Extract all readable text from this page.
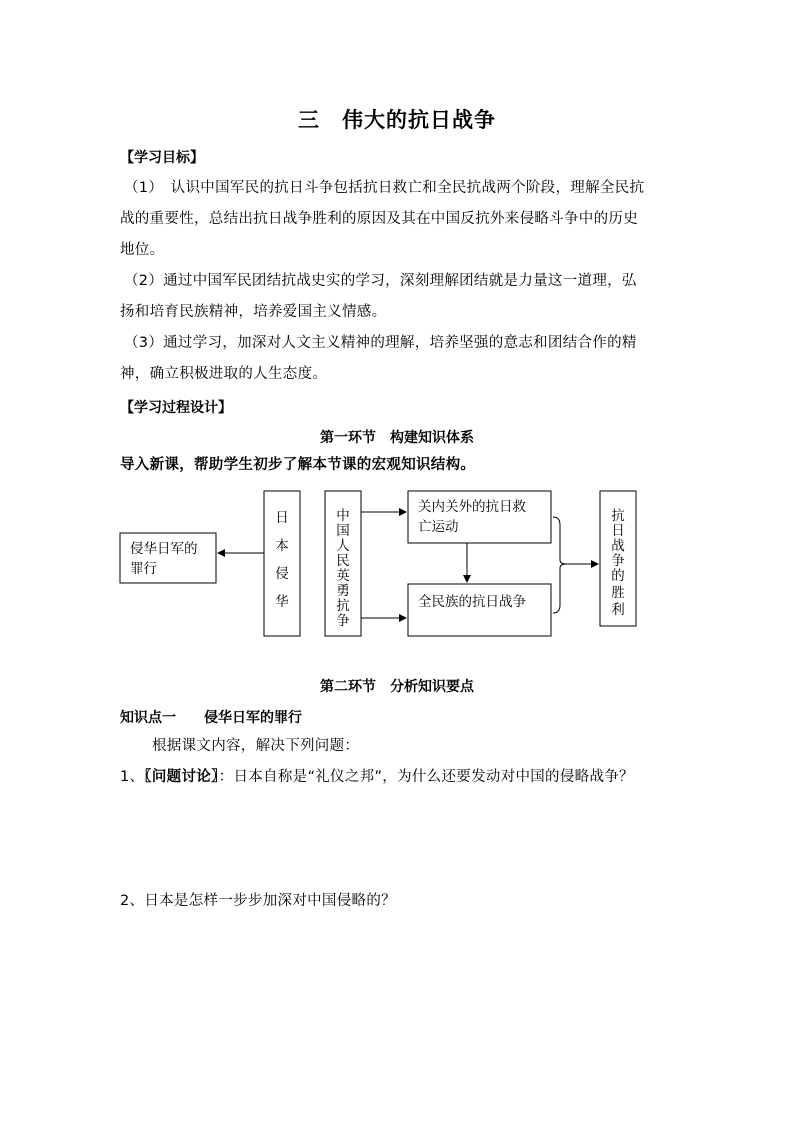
三　伟大的抗日战争
【学习目标】
（1）　认识中国军民的抗日斗争包括抗日救亡和全民抗战两个阶段，理解全民抗
战的重要性，总结出抗日战争胜利的原因及其在中国反抗外来侵略斗争中的历史
地位。
（2）通过中国军民团结抗战史实的学习，深刻理解团结就是力量这一道理，弘
扬和培育民族精神，培养爱国主义情感。
（3）通过学习，加深对人文主义精神的理解，培养坚强的意志和团结合作的精
神，确立积极进取的人生态度。
【学习过程设计】
第一环节　构建知识体系
导入新课，帮助学生初步了解本节课的宏观知识结构。
侵华日军的
罪行
日
本
侵
华
中
国
人
民
英
勇
抗
争
关内关外的抗日救
亡运动
全民族的抗日战争
抗
日
战
争
的
胜
利
第二环节　分析知识要点
知识点一　　侵华日军的罪行
根据课文内容，解决下列问题：
1、〖问题讨论〗：日本自称是“礼仪之邦”，为什么还要发动对中国的侵略战争？
2、日本是怎样一步步加深对中国侵略的？
